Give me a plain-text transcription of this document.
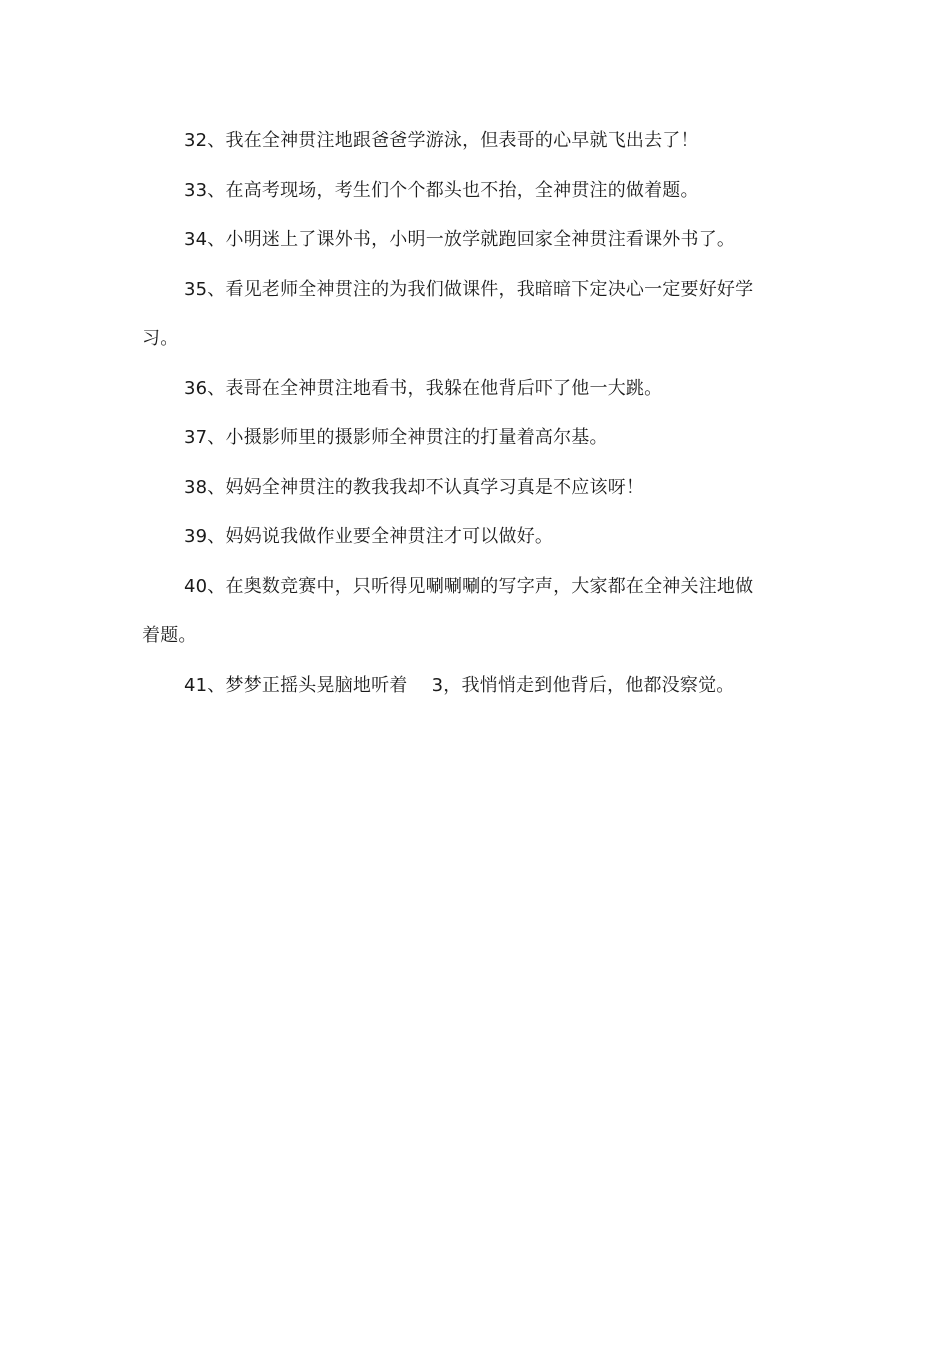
32、我在全神贯注地跟爸爸学游泳，但表哥的心早就飞出去了！

33、在高考现场，考生们个个都头也不抬，全神贯注的做着题。

34、小明迷上了课外书，小明一放学就跑回家全神贯注看课外书了。

35、看见老师全神贯注的为我们做课件，我暗暗下定决心一定要好好学习。

36、表哥在全神贯注地看书，我躲在他背后吓了他一大跳。

37、小摄影师里的摄影师全神贯注的打量着高尔基。

38、妈妈全神贯注的教我我却不认真学习真是不应该呀！

39、妈妈说我做作业要全神贯注才可以做好。

40、在奥数竞赛中，只听得见唰唰唰的写字声，大家都在全神关注地做着题。

41、梦梦正摇头晃脑地听着　 3，我悄悄走到他背后，他都没察觉。
